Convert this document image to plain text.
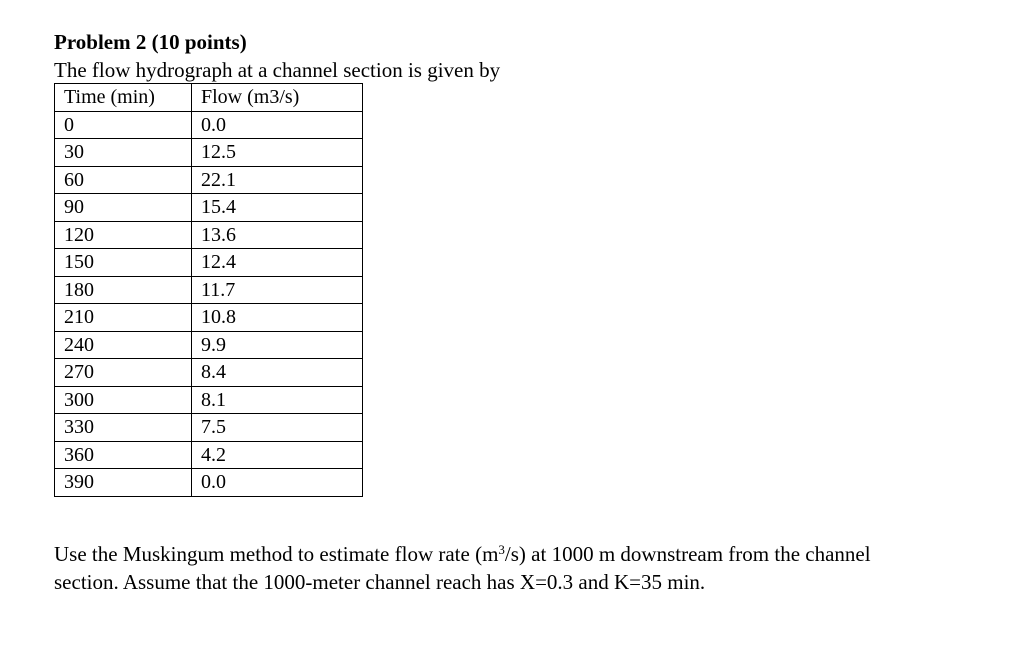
Problem 2 (10 points)
The flow hydrograph at a channel section is given by
Time (min)	Flow (m3/s)
0	0.0
30	12.5
60	22.1
90	15.4
120	13.6
150	12.4
180	11.7
210	10.8
240	9.9
270	8.4
300	8.1
330	7.5
360	4.2
390	0.0

Use the Muskingum method to estimate flow rate $(m^3/s)$ at 1000 m downstream from the channel

section. Assume that the 1000-meter channel reach has X=0.3 and K=35 min.
